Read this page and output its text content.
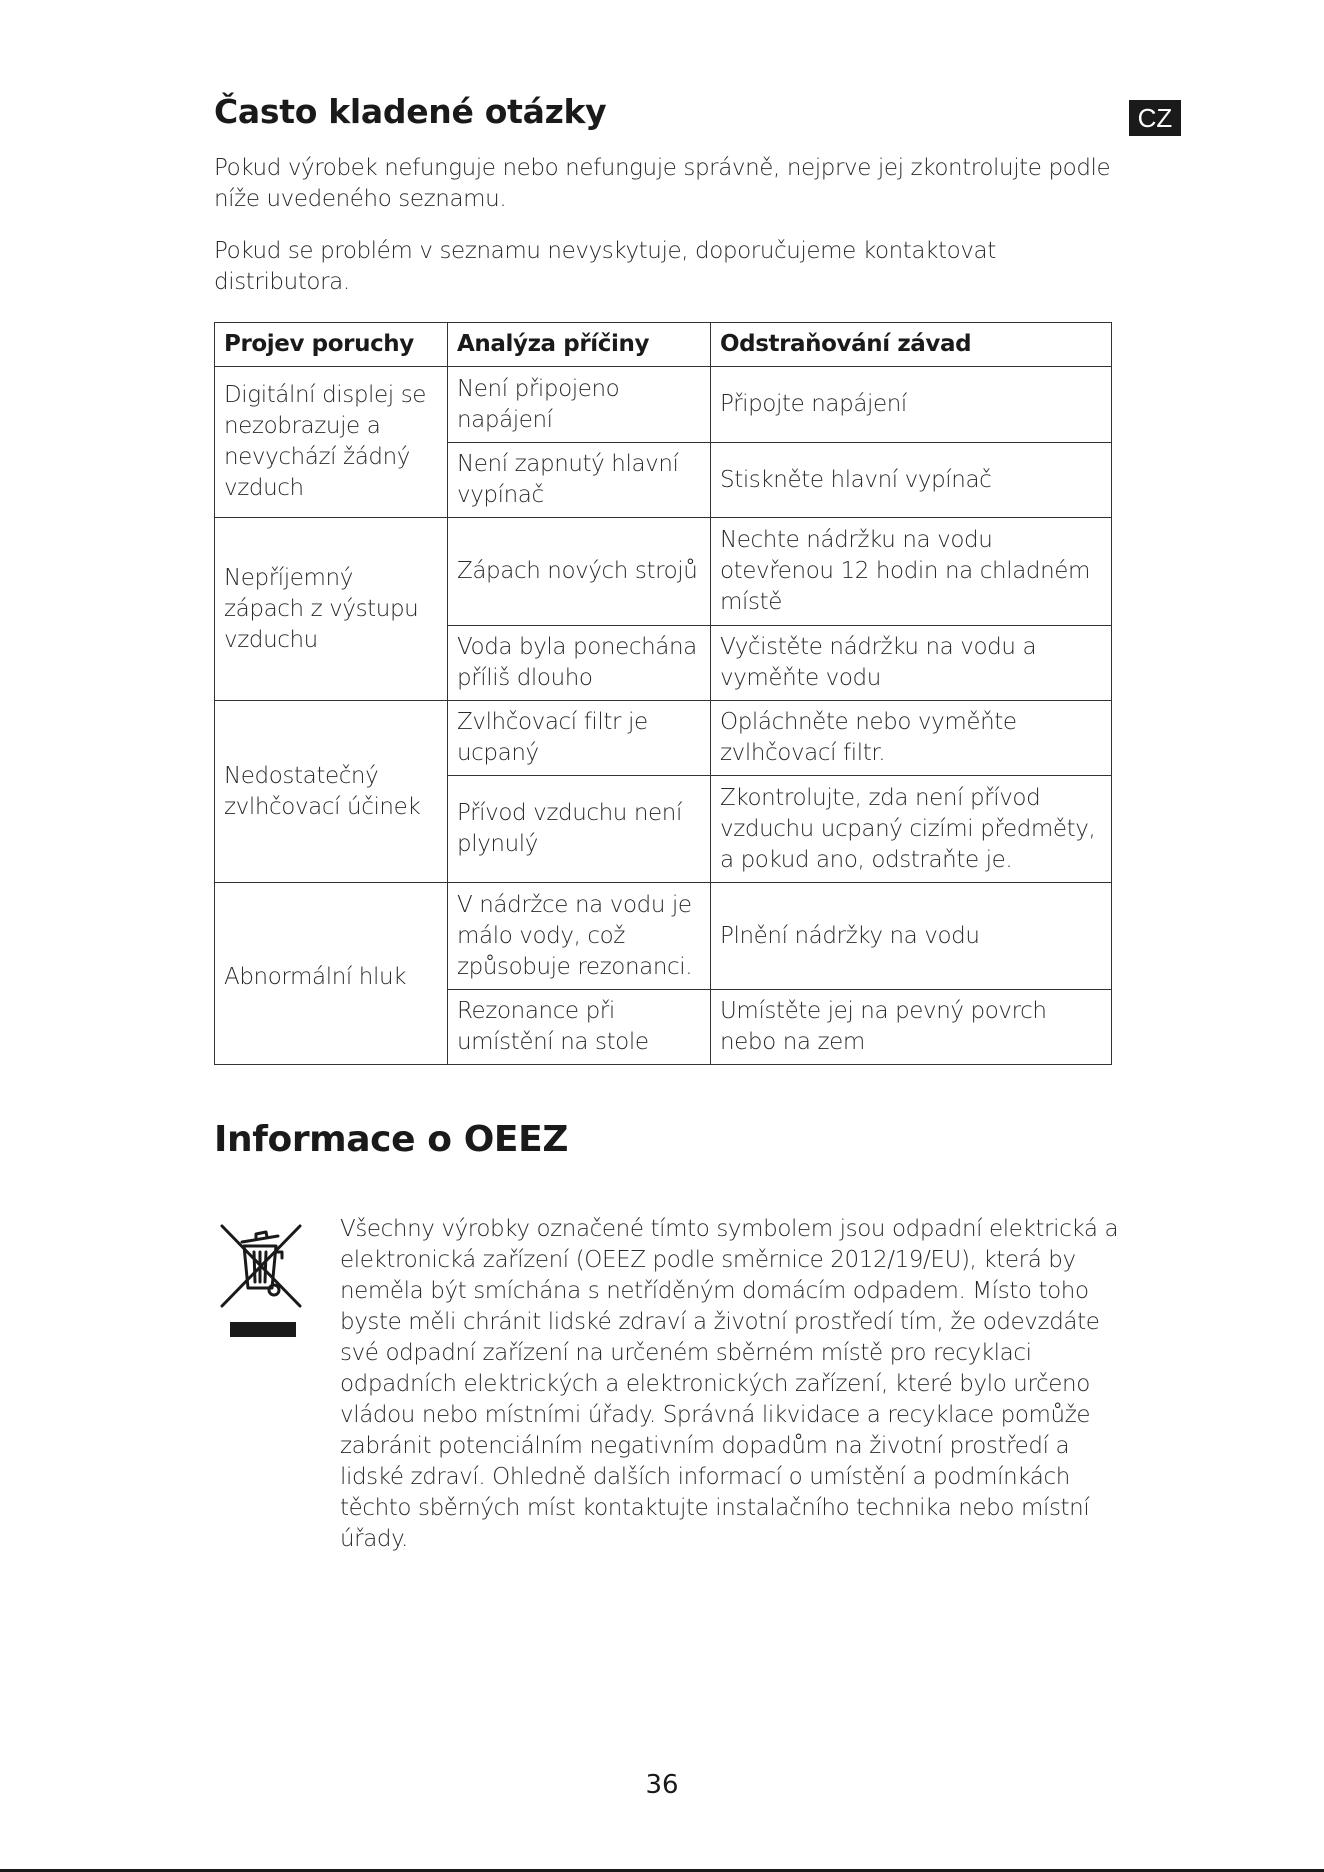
CZ
Často kladené otázky

Pokud výrobek nefunguje nebo nefunguje správně, nejprve jej zkontrolujte podle níže uvedeného seznamu.

Pokud se problém v seznamu nevyskytuje, doporučujeme kontaktovat distributora.

Projev poruchy	Analýza příčiny	Odstraňování závad
Digitální displej se nezobrazuje a nevychází žádný vzduch	Není připojeno napájení	Připojte napájení
	Není zapnutý hlavní vypínač	Stiskněte hlavní vypínač
Nepříjemný zápach z výstupu vzduchu	Zápach nových strojů	Nechte nádržku na vodu otevřenou 12 hodin na chladném místě
	Voda byla ponechána příliš dlouho	Vyčistěte nádržku na vodu a vyměňte vodu
Nedostatečný zvlhčovací účinek	Zvlhčovací filtr je ucpaný	Opláchněte nebo vyměňte zvlhčovací filtr.
	Přívod vzduchu není plynulý	Zkontrolujte, zda není přívod vzduchu ucpaný cizími předměty, a pokud ano, odstraňte je.
Abnormální hluk	V nádržce na vodu je málo vody, což způsobuje rezonanci.	Plnění nádržky na vodu
	Rezonance při umístění na stole	Umístěte jej na pevný povrch nebo na zem
Informace o OEEZ

Všechny výrobky označené tímto symbolem jsou odpadní elektrická a elektronická zařízení (OEEZ podle směrnice 2012/19/EU), která by neměla být smíchána s netříděným domácím odpadem. Místo toho byste měli chránit lidské zdraví a životní prostředí tím, že odevzdáte své odpadní zařízení na určeném sběrném místě pro recyklaci odpadních elektrických a elektronických zařízení, které bylo určeno vládou nebo místními úřady. Správná likvidace a recyklace pomůže zabránit potenciálním negativním dopadům na životní prostředí a lidské zdraví. Ohledně dalších informací o umístění a podmínkách těchto sběrných míst kontaktujte instalačního technika nebo místní úřady.

36
